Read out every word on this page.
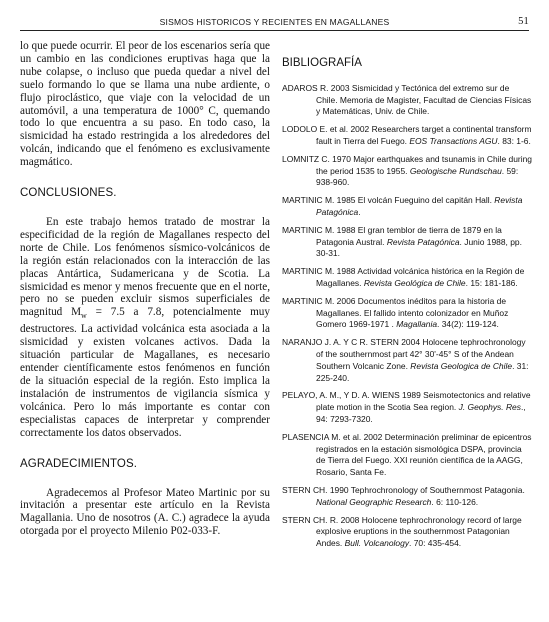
SISMOS HISTORICOS Y RECIENTES EN MAGALLANES	51

lo que puede ocurrir. El peor de los escenarios sería que un cambio en las condiciones eruptivas haga que la nube colapse, o incluso que pueda quedar a nivel del suelo formando lo que se llama una nube ardiente, o flujo piroclástico, que viaje con la velocidad de un automóvil, a una temperatura de 1000° C, quemando todo lo que encuentra a su paso. En todo caso, la sismicidad ha estado restringida a los alrededores del volcán, indicando que el fenómeno es exclusivamente magmático.

CONCLUSIONES.

En este trabajo hemos tratado de mostrar la especificidad de la región de Magallanes respecto del norte de Chile. Los fenómenos sísmico-volcánicos de la región están relacionados con la interacción de las placas Antártica, Sudamericana y de Scotia. La sismicidad es menor y menos frecuente que en el norte, pero no se pueden excluir sismos superficiales de magnitud $M_w = 7.5$ a 7.8, potencialmente muy destructores. La actividad volcánica esta asociada a la sismicidad y existen volcanes activos. Dada la situación particular de Magallanes, es necesario entender científicamente estos fenómenos en función de la situación especial de la región. Esto implica la instalación de instrumentos de vigilancia sísmica y volcánica. Pero lo más importante es contar con especialistas capaces de interpretar y comprender correctamente los datos observados.

AGRADECIMIENTOS.

Agradecemos al Profesor Mateo Martinic por su invitación a presentar este artículo en la Revista Magallania. Uno de nosotros (A. C.) agradece la ayuda otorgada por el proyecto Milenio P02-033-F.

BIBLIOGRAFÍA

ADAROS R. 2003 Sismicidad y Tectónica del extremo sur de Chile. Memoria de Magister, Facultad de Ciencias Físicas y Matemáticas, Univ. de Chile.

LODOLO E. et al. 2002 Researchers target a continental transform fault in Tierra del Fuego. EOS Transactions AGU. 83: 1-6.

LOMNITZ C. 1970 Major earthquakes and tsunamis in Chile during the period 1535 to 1955. Geologische Rundschau. 59: 938-960.

MARTINIC M. 1985 El volcán Fueguino del capitán Hall. Revista Patagónica.

MARTINIC M. 1988 El gran temblor de tierra de 1879 en la Patagonia Austral. Revista Patagónica. Junio 1988, pp. 30-31.

MARTINIC M. 1988 Actividad volcánica histórica en la Región de Magallanes. Revista Geológica de Chile. 15: 181-186.

MARTINIC M. 2006 Documentos inéditos para la historia de Magallanes. El fallido intento colonizador en Muñoz Gomero 1969-1971 . Magallania. 34(2): 119-124.

NARANJO J. A. Y C R. STERN 2004 Holocene tephrochronology of the southernmost part 42° 30'-45° S of the Andean Southern Volcanic Zone. Revista Geologica de Chile. 31: 225-240.

PELAYO, A. M., Y D. A. WIENS 1989 Seismotectonics and relative plate motion in the Scotia Sea region. J. Geophys. Res., 94: 7293-7320.

PLASENCIA M. et al. 2002 Determinación preliminar de epicentros registrados en la estación sismológica DSPA, provincia de Tierra del Fuego. XXI reunión científica de la AAGG, Rosario, Santa Fe.

STERN CH. 1990 Tephrochronology of Southernmost Patagonia. National Geographic Research. 6: 110-126.

STERN CH. R. 2008 Holocene tephrochronology record of large explosive eruptions in the southernmost Patagonian Andes. Bull. Volcanology. 70: 435-454.
